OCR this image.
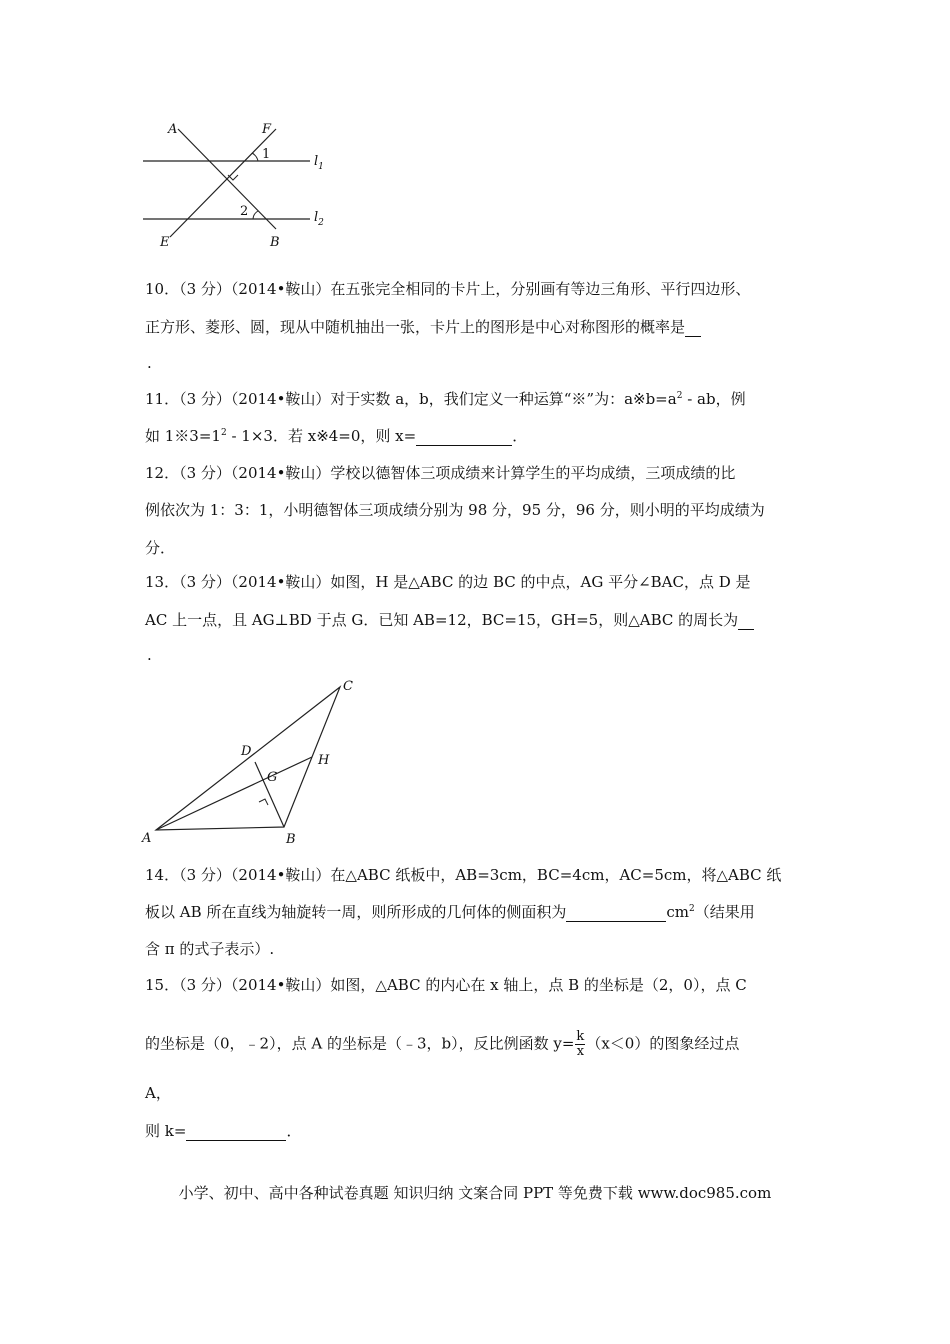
A	F
1	$l_1$
2	$l_2$
E	B
10．（3 分）（2014•鞍山）在五张完全相同的卡片上，分别画有等边三角形、平行四边形、
正方形、菱形、圆，现从中随机抽出一张，卡片上的图形是中心对称图形的概率是
.
11．（3 分）（2014•鞍山）对于实数 a，b，我们定义一种运算“※”为：$a※b=a^2$ - ab，例
如 $1※3=1^2 - 1\times 3$．若 x※4=0，则 x=	．
12．（3 分）（2014•鞍山）学校以德智体三项成绩来计算学生的平均成绩，三项成绩的比
例依次为 1：3：1，小明德智体三项成绩分别为 98 分，95 分，96 分，则小明的平均成绩为
分．
13．（3 分）（2014•鞍山）如图，H 是△ABC 的边 BC 的中点，AG 平分∠BAC，点 D 是
AC 上一点，且 AG⊥BD 于点 G．已知 AB=12，BC=15，GH=5，则△ABC 的周长为
.
C
D
G
H
A	B
14．（3 分）（2014•鞍山）在△ABC 纸板中，AB=3cm，BC=4cm，AC=5cm，将△ABC 纸
板以 AB 所在直线为轴旋转一周，则所形成的几何体的侧面积为	$cm^2$（结果用
含 π 的式子表示）.
15．（3 分）（2014•鞍山）如图，△ABC 的内心在 x 轴上，点 B 的坐标是（2，0），点 C
的坐标是（0，﹣2），点 A 的坐标是（﹣3，b），反比例函数 $y= \frac{k}{x} (x<0)$的图象经过点
A，
则 k=	．
小学、初中、高中各种试卷真题 知识归纳 文案合同 PPT 等免费下载 www.doc985.com
